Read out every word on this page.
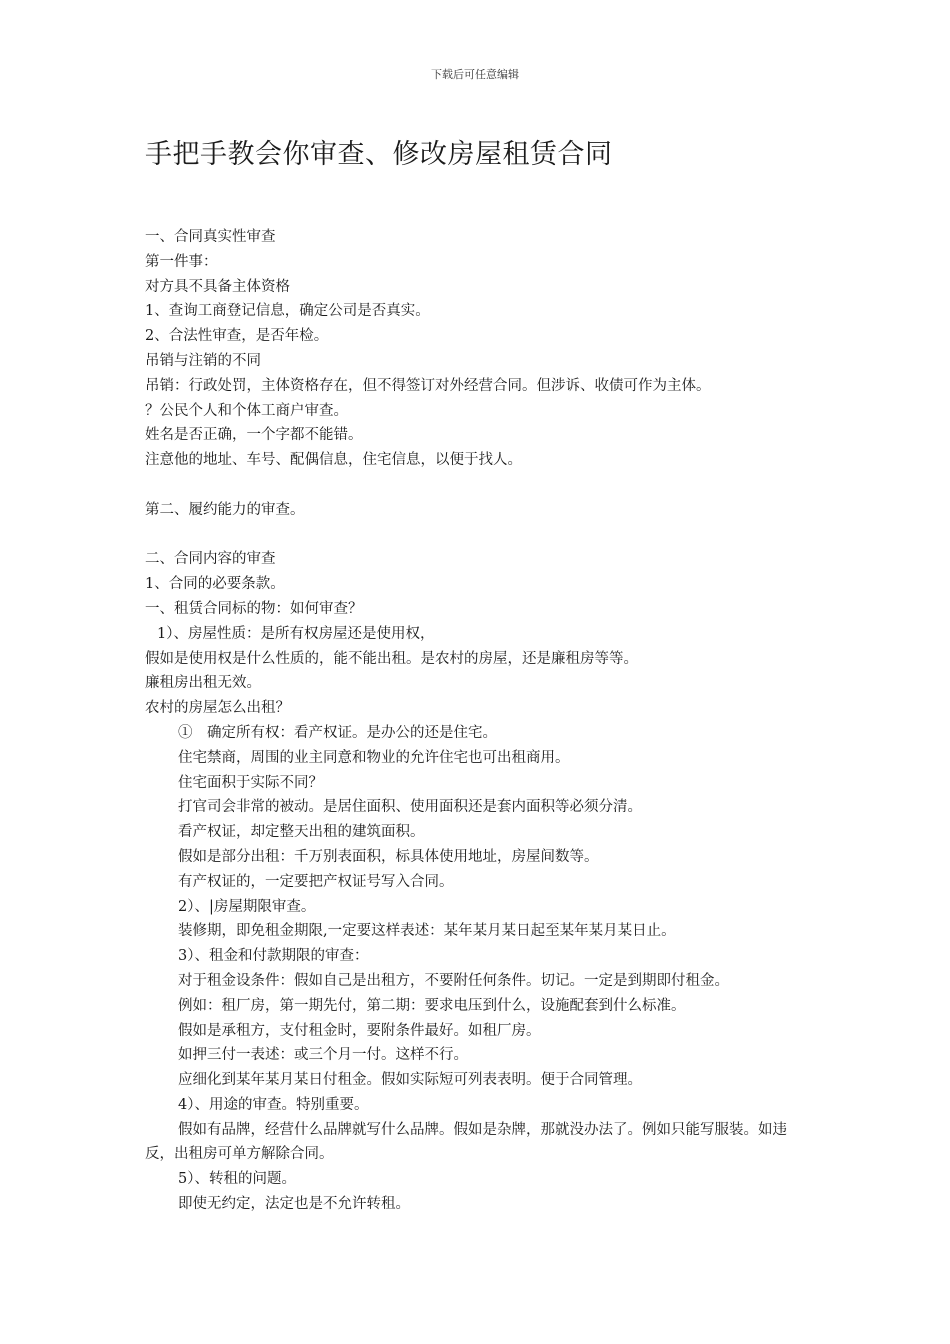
下载后可任意编辑
手把手教会你审查、修改房屋租赁合同

一、合同真实性审查

第一件事：

对方具不具备主体资格

1、查询工商登记信息，确定公司是否真实。

2、合法性审查，是否年检。

吊销与注销的不同

吊销：行政处罚，主体资格存在，但不得签订对外经营合同。但涉诉、收债可作为主体。

？公民个人和个体工商户审查。

姓名是否正确，一个字都不能错。

注意他的地址、车号、配偶信息，住宅信息，以便于找人。

第二、履约能力的审查。

二、合同内容的审查

1、合同的必要条款。

一、租赁合同标的物：如何审查？

1）、房屋性质：是所有权房屋还是使用权，

假如是使用权是什么性质的，能不能出租。是农村的房屋，还是廉租房等等。

廉租房出租无效。

农村的房屋怎么出租？

①　确定所有权：看产权证。是办公的还是住宅。

住宅禁商，周围的业主同意和物业的允许住宅也可出租商用。

住宅面积于实际不同？

打官司会非常的被动。是居住面积、使用面积还是套内面积等必须分清。

看产权证，却定整天出租的建筑面积。

假如是部分出租：千万别表面积，标具体使用地址，房屋间数等。

有产权证的，一定要把产权证号写入合同。

2）、|房屋期限审查。

装修期，即免租金期限,一定要这样表述：某年某月某日起至某年某月某日止。

3）、租金和付款期限的审查：

对于租金设条件：假如自己是出租方，不要附任何条件。切记。一定是到期即付租金。

例如：租厂房，第一期先付，第二期：要求电压到什么，设施配套到什么标准。

假如是承租方，支付租金时，要附条件最好。如租厂房。

如押三付一表述：或三个月一付。这样不行。

应细化到某年某月某日付租金。假如实际短可列表表明。便于合同管理。

4）、用途的审查。特别重要。

假如有品牌，经营什么品牌就写什么品牌。假如是杂牌，那就没办法了。例如只能写服装。如违反，出租房可单方解除合同。

5）、转租的问题。

即使无约定，法定也是不允许转租。
